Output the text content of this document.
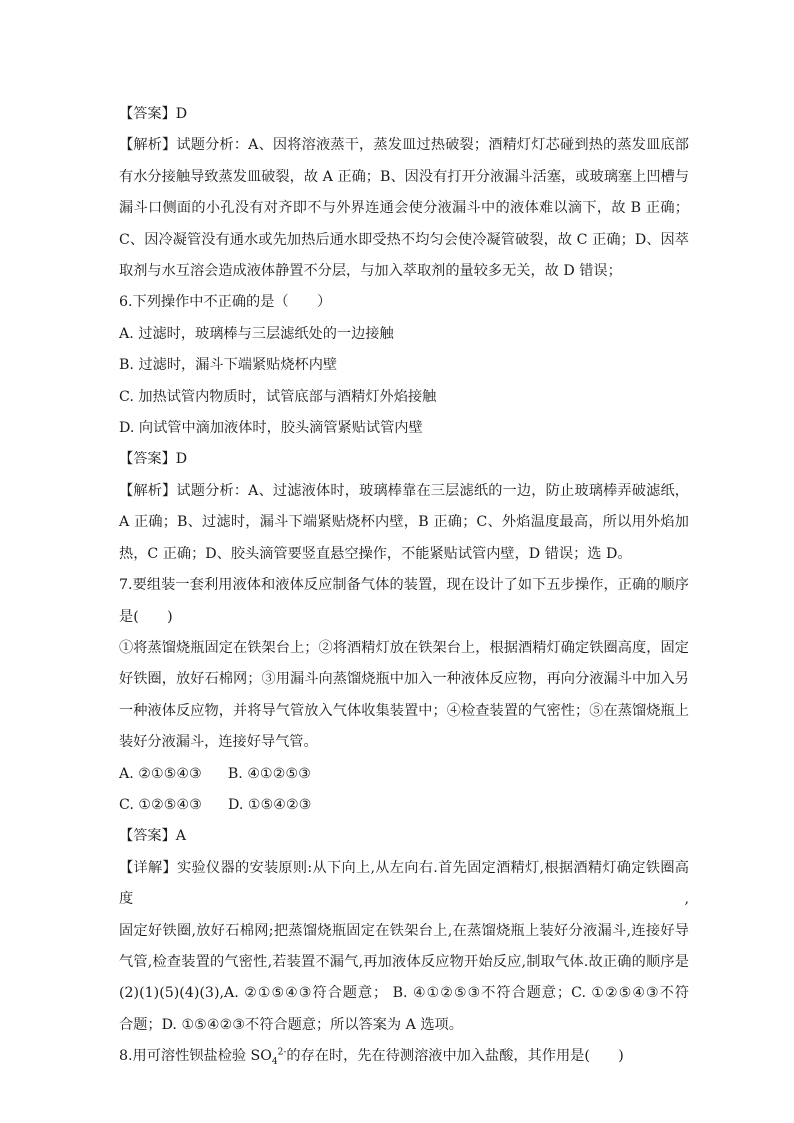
【答案】D
【解析】试题分析：A、因将溶液蒸干，蒸发皿过热破裂；酒精灯灯芯碰到热的蒸发皿底部
有水分接触导致蒸发皿破裂，故 A 正确；B、因没有打开分液漏斗活塞，或玻璃塞上凹槽与
漏斗口侧面的小孔没有对齐即不与外界连通会使分液漏斗中的液体难以滴下，故 B 正确；
C、因冷凝管没有通水或先加热后通水即受热不均匀会使冷凝管破裂，故 C 正确；D、因萃
取剂与水互溶会造成液体静置不分层，与加入萃取剂的量较多无关，故 D 错误；
6.下列操作中不正确的是（　　）
A. 过滤时，玻璃棒与三层滤纸处的一边接触
B. 过滤时，漏斗下端紧贴烧杯内壁
C. 加热试管内物质时，试管底部与酒精灯外焰接触
D. 向试管中滴加液体时，胶头滴管紧贴试管内壁
【答案】D
【解析】试题分析：A、过滤液体时，玻璃棒靠在三层滤纸的一边，防止玻璃棒弄破滤纸，
A 正确；B、过滤时，漏斗下端紧贴烧杯内壁，B 正确；C、外焰温度最高，所以用外焰加
热，C 正确；D、胶头滴管要竖直悬空操作，不能紧贴试管内壁，D 错误；选 D。
7.要组装一套利用液体和液体反应制备气体的装置，现在设计了如下五步操作，正确的顺序
是(　　)
①将蒸馏烧瓶固定在铁架台上；②将酒精灯放在铁架台上，根据酒精灯确定铁圈高度，固定
好铁圈，放好石棉网；③用漏斗向蒸馏烧瓶中加入一种液体反应物，再向分液漏斗中加入另
一种液体反应物，并将导气管放入气体收集装置中；④检查装置的气密性；⑤在蒸馏烧瓶上
装好分液漏斗，连接好导气管。
A. ②①⑤④③ B. ④①②⑤③
C. ①②⑤④③ D. ①⑤④②③
【答案】A
【详解】实验仪器的安装原则:从下向上,从左向右.首先固定酒精灯,根据酒精灯确定铁圈高度,
固定好铁圈,放好石棉网;把蒸馏烧瓶固定在铁架台上,在蒸馏烧瓶上装好分液漏斗,连接好导
气管,检查装置的气密性,若装置不漏气,再加液体反应物开始反应,制取气体.故正确的顺序是
(2)(1)(5)(4)(3),A. ②①⑤④③符合题意； B. ④①②⑤③不符合题意；C. ①②⑤④③不符
合题；D. ①⑤④②③不符合题意；所以答案为 A 选项。
8.用可溶性钡盐检验 $SO_4^{2-}$的存在时，先在待测溶液中加入盐酸，其作用是(　　)
